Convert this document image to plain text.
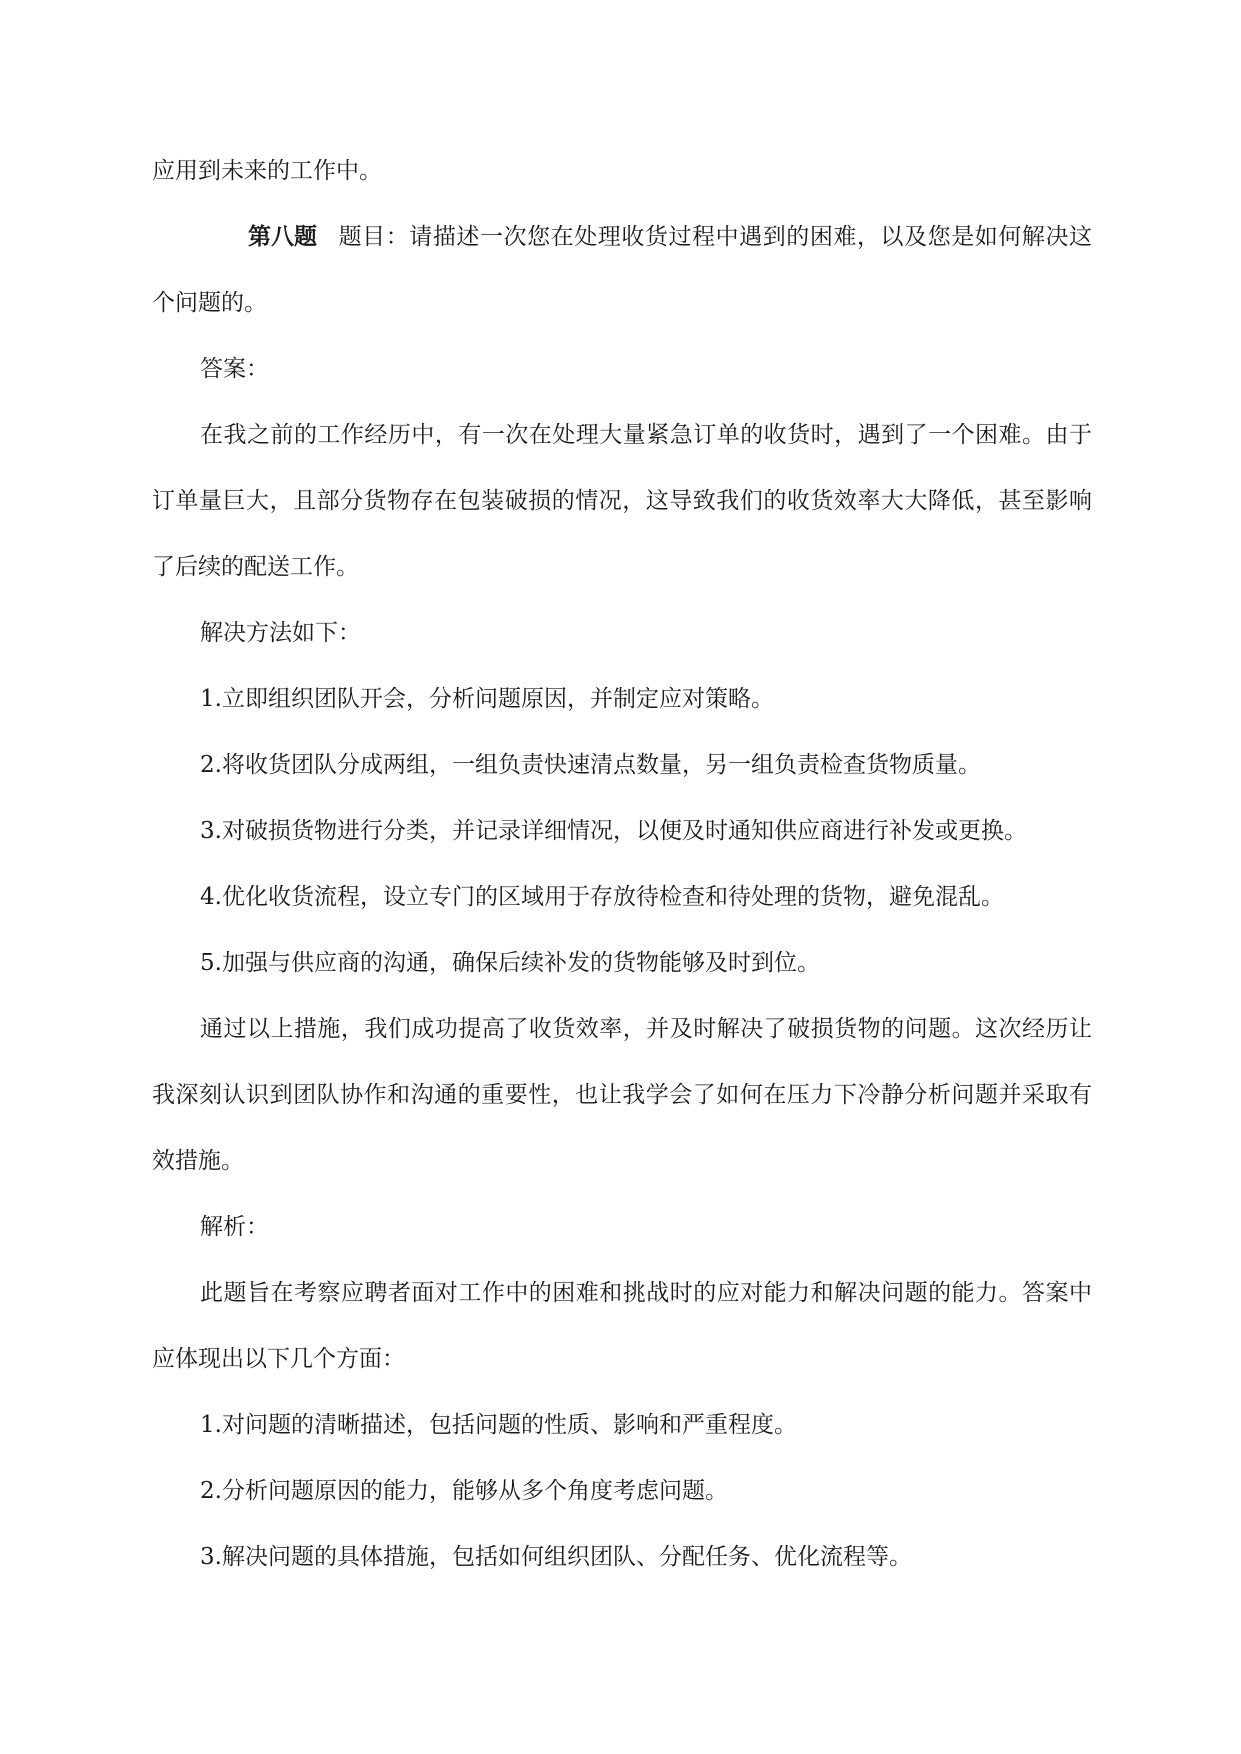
应用到未来的工作中。

第八题 题目：请描述一次您在处理收货过程中遇到的困难，以及您是如何解决这个问题的。

答案：

在我之前的工作经历中，有一次在处理大量紧急订单的收货时，遇到了一个困难。由于订单量巨大，且部分货物存在包装破损的情况，这导致我们的收货效率大大降低，甚至影响了后续的配送工作。

解决方法如下：

1.立即组织团队开会，分析问题原因，并制定应对策略。

2.将收货团队分成两组，一组负责快速清点数量，另一组负责检查货物质量。

3.对破损货物进行分类，并记录详细情况，以便及时通知供应商进行补发或更换。

4.优化收货流程，设立专门的区域用于存放待检查和待处理的货物，避免混乱。

5.加强与供应商的沟通，确保后续补发的货物能够及时到位。

通过以上措施，我们成功提高了收货效率，并及时解决了破损货物的问题。这次经历让我深刻认识到团队协作和沟通的重要性，也让我学会了如何在压力下冷静分析问题并采取有效措施。

解析：

此题旨在考察应聘者面对工作中的困难和挑战时的应对能力和解决问题的能力。答案中应体现出以下几个方面：

1.对问题的清晰描述，包括问题的性质、影响和严重程度。

2.分析问题原因的能力，能够从多个角度考虑问题。

3.解决问题的具体措施，包括如何组织团队、分配任务、优化流程等。
